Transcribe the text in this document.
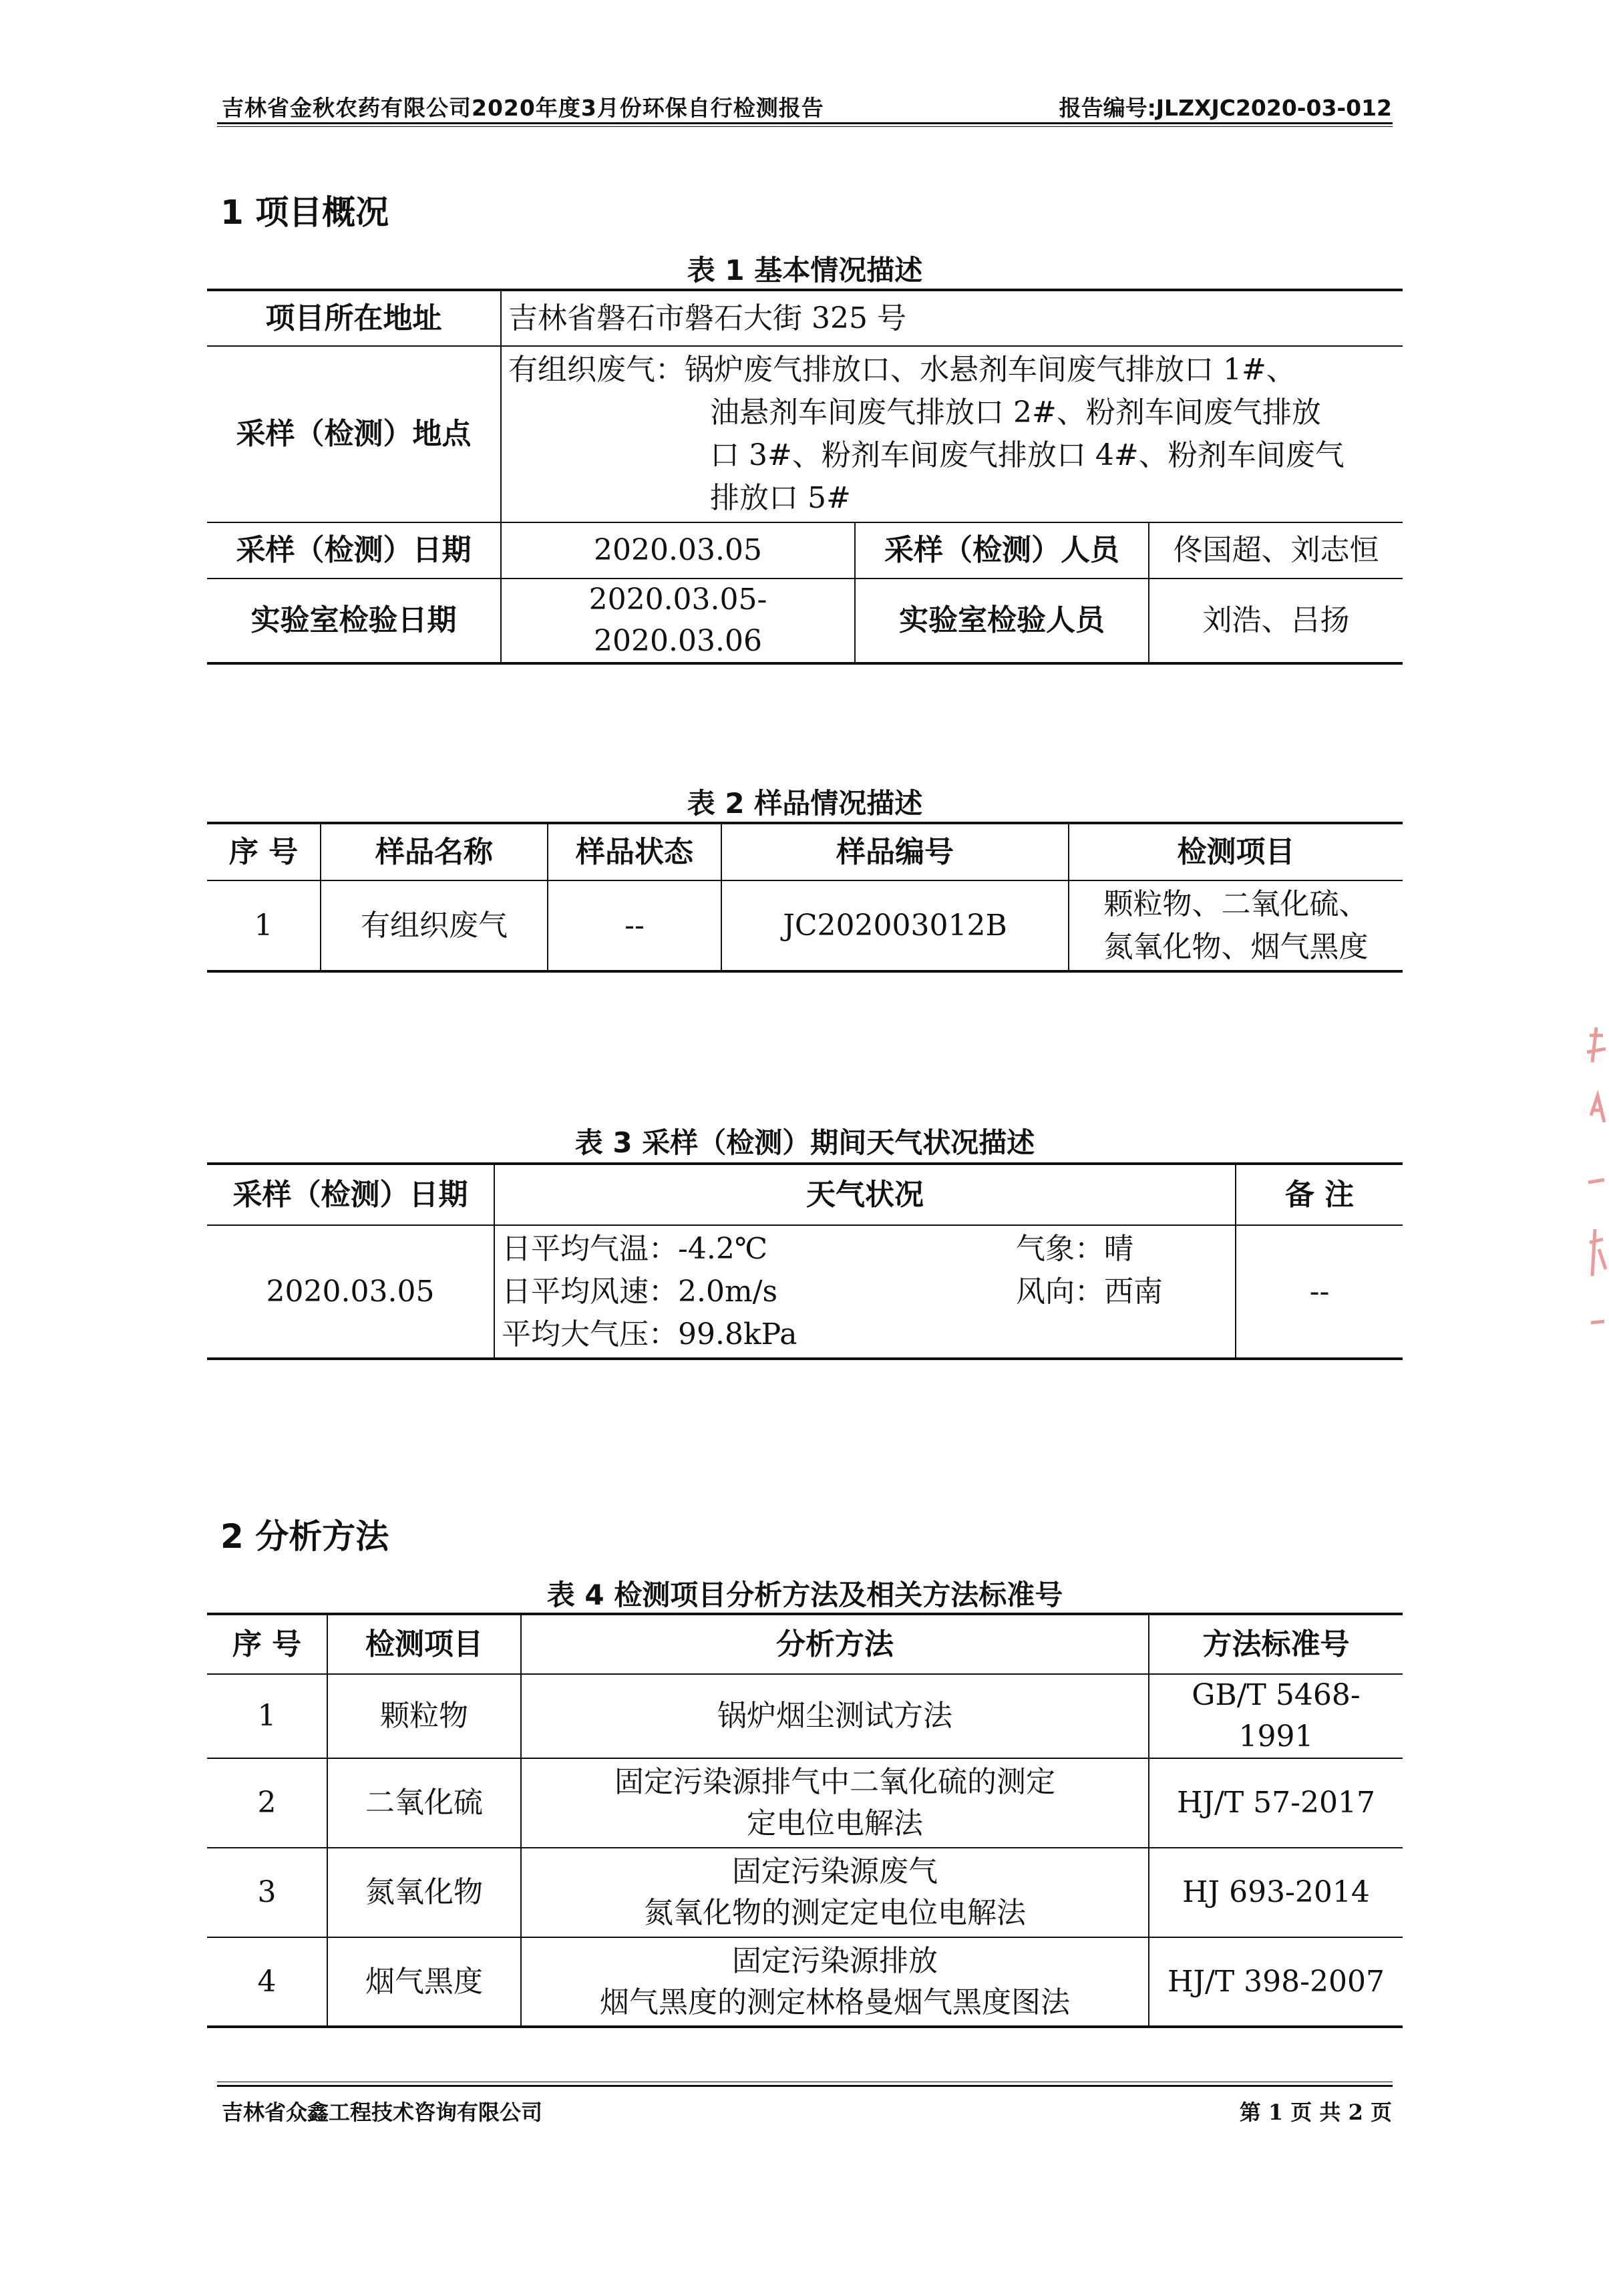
吉林省金秋农药有限公司2020年度3月份环保自行检测报告	报告编号:JLZXJC2020-03-012
1 项目概况
表 1 基本情况描述
项目所在地址	吉林省磐石市磐石大街 325 号		
采样（检测）地点	有组织废气：锅炉废气排放口、水悬剂车间废气排放口 1#、
油悬剂车间废气排放口 2#、粉剂车间废气排放
口 3#、粉剂车间废气排放口 4#、粉剂车间废气
排放口 5#		

采样（检测）日期	2020.03.05	采样（检测）人员	佟国超、刘志恒
实验室检验日期	2020.03.05-2020.03.06	实验室检验人员	刘浩、吕扬
表 2 样品情况描述
序 号	样品名称	样品状态	样品编号	检测项目
1	有组织废气	--	JC202003012B	颗粒物、二氧化硫、
氮氧化物、烟气黑度
表 3 采样（检测）期间天气状况描述
采样（检测）日期	天气状况	备 注
2020.03.05	日平均气温：-4.2℃ 气象：晴
日平均风速：2.0m/s 风向：西南
平均大气压：99.8kPa	--
2 分析方法
表 4 检测项目分析方法及相关方法标准号
序 号	检测项目	分析方法	方法标准号
1	颗粒物	锅炉烟尘测试方法	GB/T 5468-1991
2	二氧化硫	固定污染源排气中二氧化硫的测定
定电位电解法	HJ/T 57-2017
3	氮氧化物	固定污染源废气
氮氧化物的测定定电位电解法	HJ 693-2014
4	烟气黑度	固定污染源排放
烟气黑度的测定林格曼烟气黑度图法	HJ/T 398-2007
吉林省众鑫工程技术咨询有限公司	第 1 页 共 2 页
